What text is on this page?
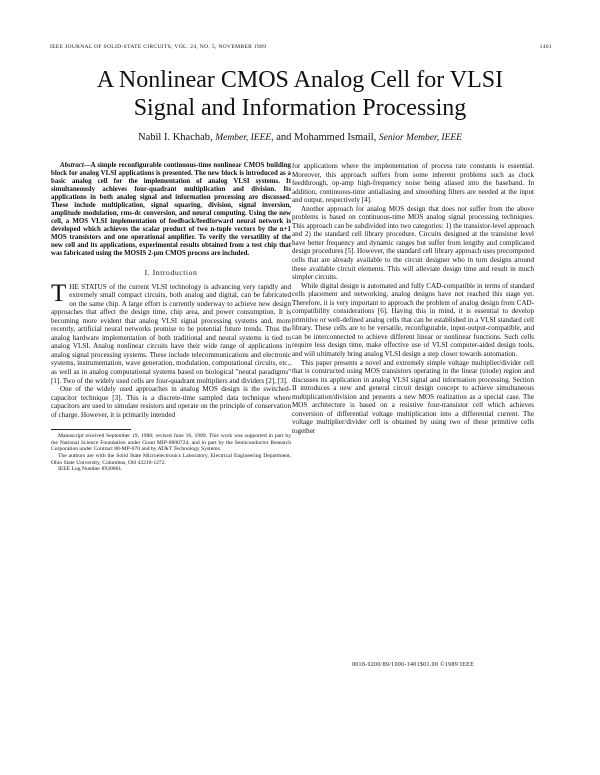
IEEE JOURNAL OF SOLID-STATE CIRCUITS, VOL. 24, NO. 5, NOVEMBER 1989	1401
A Nonlinear CMOS Analog Cell for VLSI
Signal and Information Processing
Nabil I. Khachab, Member, IEEE, and Mohammed Ismail, Senior Member, IEEE

Abstract—A simple reconfigurable continuous-time nonlinear CMOS building block for analog VLSI applications is presented. The new block is introduced as a basic analog cell for the implementation of analog VLSI systems. It simultaneously achieves four-quadrant multiplication and division. Its applications in both analog signal and information processing are discussed. These include multiplication, signal squaring, division, signal inversion, amplitude modulation, rms-dc conversion, and neural computing. Using the new cell, a MOS VLSI implementation of feedback/feedforward neural network is developed which achieves the scalar product of two n-tuple vectors by the n+1 MOS transistors and one operational amplifier. To verify the versatility of the new cell and its applications, experimental results obtained from a test chip that was fabricated using the MOSIS 2-μm CMOS process are included.

I. Introduction

THE STATUS of the current VLSI technology is advancing very rapidly and extremely small compact circuits, both analog and digital, can be fabricated on the same chip. A large effort is currently underway to achieve new design approaches that affect the design time, chip area, and power consumption. It is becoming more evident that analog VLSI signal processing systems and, more recently, artificial neural networks promise to be potential future trends. Thus the analog hardware implementation of both traditional and neural systems is tied to analog VLSI. Analog nonlinear circuits have their wide range of applications in analog signal processing systems. These include telecommunications and electronic systems, instrumentation, wave generation, modulation, computational circuits, etc., as well as in analog computational systems based on biological "neural paradigms" [1]. Two of the widely used cells are four-quadrant multipliers and dividers [2], [3].

One of the widely used approaches in analog MOS design is the switched-capacitor technique [3]. This is a discrete-time sampled data technique where capacitors are used to simulate resistors and operate on the principle of conservation of charge. However, it is primarily intended

Manuscript received September 19, 1988; revised June 16, 1989. This work was supported in part by the National Science Foundation under Grant MIP-8800724, and in part by the Semiconductor Research Corporation under Contract 88-MP-070 and by AT&T Technology Systems.

The authors are with the Solid State Microelectronics Laboratory, Electrical Engineering Department, Ohio State University, Columbus, OH 43210-1272.

IEEE Log Number 8930801.

for applications where the implementation of process rate constants is essential. Moreover, this approach suffers from some inherent problems such as clock feedthrough, op-amp high-frequency noise being aliased into the baseband. In addition, continuous-time antialiasing and smoothing filters are needed at the input and output, respectively [4].

Another approach for analog MOS design that does not suffer from the above problems is based on continuous-time MOS analog signal processing techniques. This approach can be subdivided into two categories: 1) the transistor-level approach and 2) the standard cell library procedure. Circuits designed at the transistor level have better frequency and dynamic ranges but suffer from lengthy and complicated design procedures [5]. However, the standard cell library approach uses precomputed cells that are already available to the circuit designer who in turn designs around these available circuit elements. This will alleviate design time and result in much simpler circuits.

While digital design is automated and fully CAD-compatible in terms of standard cells placement and networking, analog designs have not reached this stage yet. Therefore, it is very important to approach the problem of analog design from CAD-compatibility considerations [6]. Having this in mind, it is essential to develop primitive or well-defined analog cells that can be established in a VLSI standard cell library. These cells are to be versatile, reconfigurable, input-output-compatible, and can be interconnected to achieve different linear or nonlinear functions. Such cells require less design time, make effective use of VLSI computer-aided design tools, and will ultimately bring analog VLSI design a step closer towards automation.

This paper presents a novel and extremely simple voltage multiplier/divider cell that is constructed using MOS transistors operating in the linear (triode) region and discusses its application in analog VLSI signal and information processing. Section II introduces a new and general circuit design concept to achieve simultaneous multiplication/division and presents a new MOS realization as a special case. The MOS architecture is based on a resistive four-transistor cell which achieves conversion of differential voltage multiplication into a differential current. The voltage multiplier/divider cell is obtained by using two of these primitive cells together

0018-9200/89/1000-1401$01.00 ©1989 IEEE
